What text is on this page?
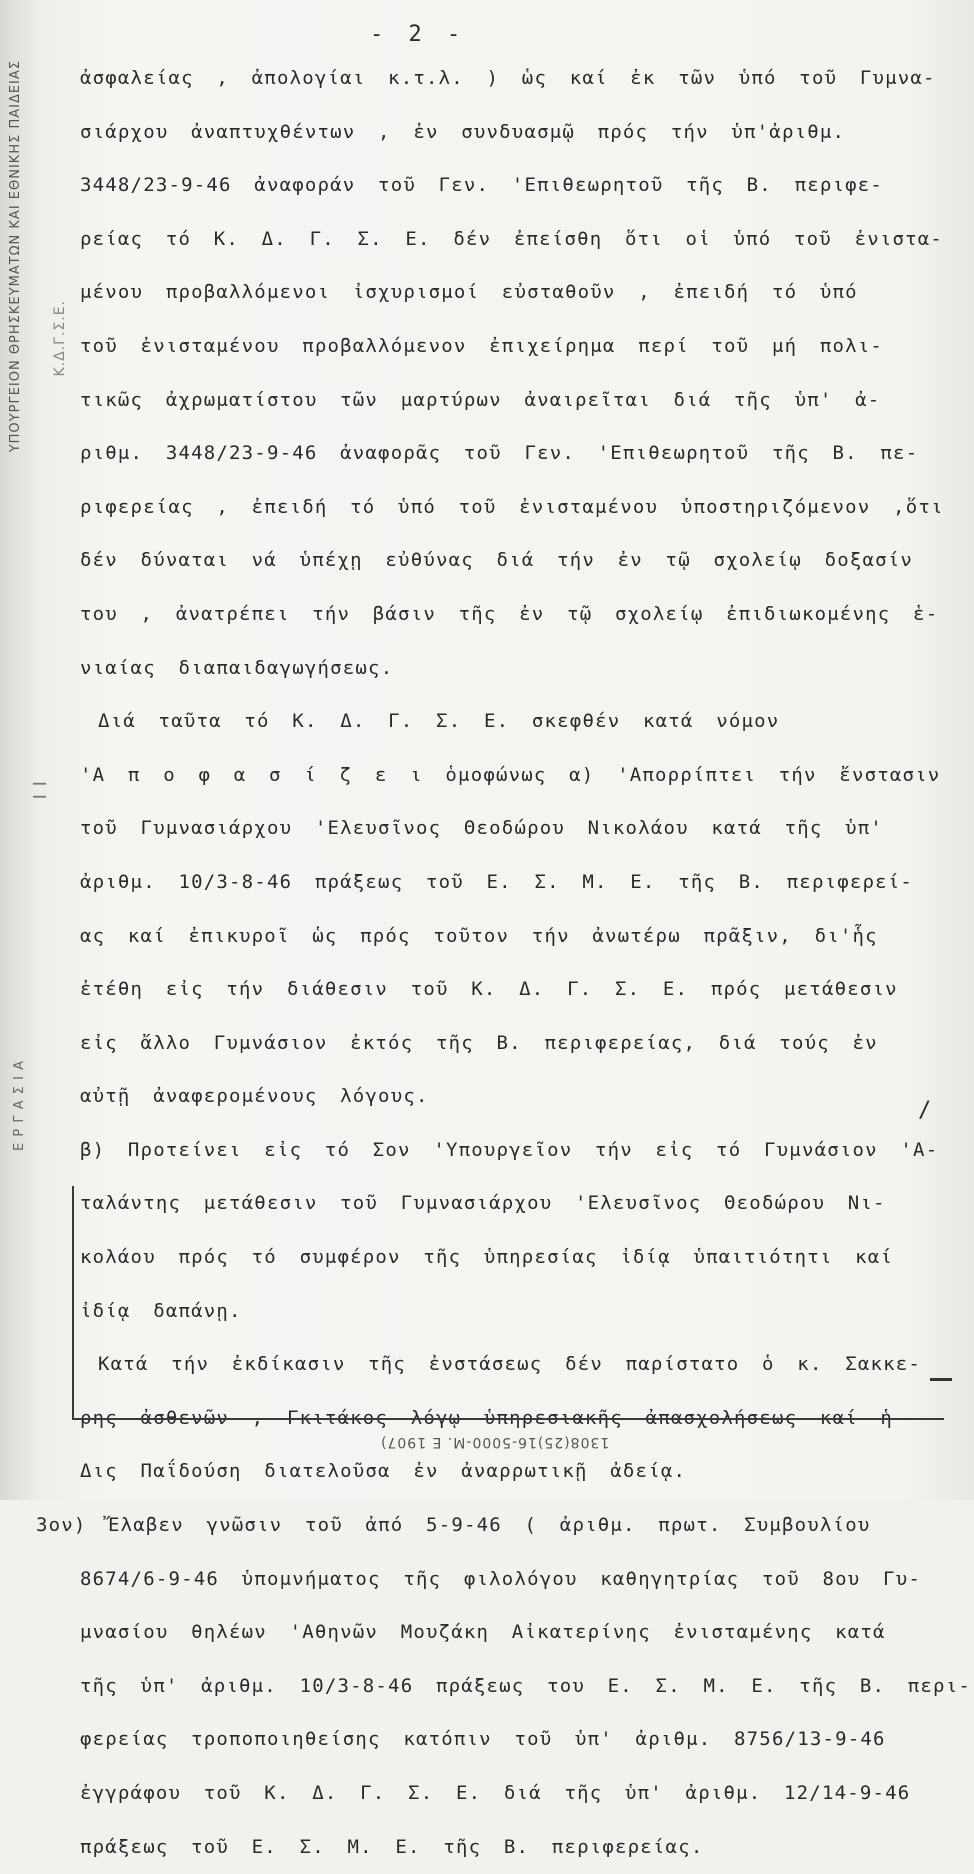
- 2 -
ΥΠΟΥΡΓΕΙΟΝ ΘΡΗΣΚΕΥΜΑΤΩΝ ΚΑΙ ΕΘΝΙΚΗΣ ΠΑΙΔΕΙΑΣ	Κ.Δ.Γ.Σ.Ε.
Ι Ι
Ε Ρ Γ Α Σ Ι Α
ἀσφαλείας , ἀπολογίαι κ.τ.λ. ) ὡς καί ἐκ τῶν ὑπό τοῦ Γυμνα-
σιάρχου ἀναπτυχθέντων , ἐν συνδυασμῷ πρός τήν ὑπ'ἀριθμ.
3448/23-9-46 ἀναφοράν τοῦ Γεν. 'Επιθεωρητοῦ τῆς Β. περιφε-
ρείας τό Κ. Δ. Γ. Σ. Ε. δέν ἐπείσθη ὅτι οἱ ὑπό τοῦ ἐνιστα-
μένου προβαλλόμενοι ἰσχυρισμοί εὐσταθοῦν , ἐπειδή τό ὑπό
τοῦ ἐνισταμένου προβαλλόμενον ἐπιχείρημα περί τοῦ μή πολι-
τικῶς ἀχρωματίστου τῶν μαρτύρων ἀναιρεῖται διά τῆς ὑπ' ἀ-
ριθμ. 3448/23-9-46 ἀναφορᾶς τοῦ Γεν. 'Επιθεωρητοῦ τῆς Β. πε-
ριφερείας , ἐπειδή τό ὑπό τοῦ ἐνισταμένου ὑποστηριζόμενον ,ὅτι
δέν δύναται νά ὑπέχῃ εὐθύνας διά τήν ἐν τῷ σχολείῳ δοξασίν
του , ἀνατρέπει τήν βάσιν τῆς ἐν τῷ σχολείῳ ἐπιδιωκομένης ἑ-
νιαίας διαπαιδαγωγήσεως.
Διά ταῦτα τό Κ. Δ. Γ. Σ. Ε. σκεφθέν κατά νόμον
'Α π ο φ α σ ί ζ ε ι ὁμοφώνως α) 'Απορρίπτει τήν ἔνστασιν
τοῦ Γυμνασιάρχου 'Ελευσῖνος Θεοδώρου Νικολάου κατά τῆς ὑπ'
ἀριθμ. 10/3-8-46 πράξεως τοῦ Ε. Σ. Μ. Ε. τῆς Β. περιφερεί-
ας καί ἐπικυροῖ ὡς πρός τοῦτον τήν ἀνωτέρω πρᾶξιν, δι'ἧς
ἐτέθη εἰς τήν διάθεσιν τοῦ Κ. Δ. Γ. Σ. Ε. πρός μετάθεσιν
εἰς ἄλλο Γυμνάσιον ἐκτός τῆς Β. περιφερείας, διά τούς ἐν
αὐτῇ ἀναφερομένους λόγους.
β) Προτείνει εἰς τό Σον 'Υπουργεῖον τήν εἰς τό Γυμνάσιον 'Α-
ταλάντης μετάθεσιν τοῦ Γυμνασιάρχου 'Ελευσῖνος Θεοδώρου Νι-
κολάου πρός τό συμφέρον τῆς ὑπηρεσίας ἰδίᾳ ὑπαιτιότητι καί
ἰδίᾳ δαπάνῃ.
Κατά τήν ἐκδίκασιν τῆς ἐνστάσεως δέν παρίστατο ὁ κ. Σακκε-
ρης ἀσθενῶν , Γκιτάκος λόγῳ ὑπηρεσιακῆς ἀπασχολήσεως καί ἡ
Δις Παΐδούση διατελοῦσα ἐν ἀναρρωτικῇ ἀδείᾳ.
3ον) Ἔλαβεν γνῶσιν τοῦ ἀπό 5-9-46 ( ἀριθμ. πρωτ. Συμβουλίου
8674/6-9-46 ὑπομνήματος τῆς φιλολόγου καθηγητρίας τοῦ 8ου Γυ-
μνασίου θηλέων 'Αθηνῶν Μουζάκη Αἰκατερίνης ἐνισταμένης κατά
τῆς ὑπ' ἀριθμ. 10/3-8-46 πράξεως του Ε. Σ. Μ. Ε. τῆς Β. περι-
φερείας τροποποιηθείσης κατόπιν τοῦ ὑπ' ἀριθμ. 8756/13-9-46
ἐγγράφου τοῦ Κ. Δ. Γ. Σ. Ε. διά τῆς ὑπ' ἀριθμ. 12/14-9-46
πράξεως τοῦ Ε. Σ. Μ. Ε. τῆς Β. περιφερείας.
/
1308(25)16-5000-Μ. Ε 1907)
